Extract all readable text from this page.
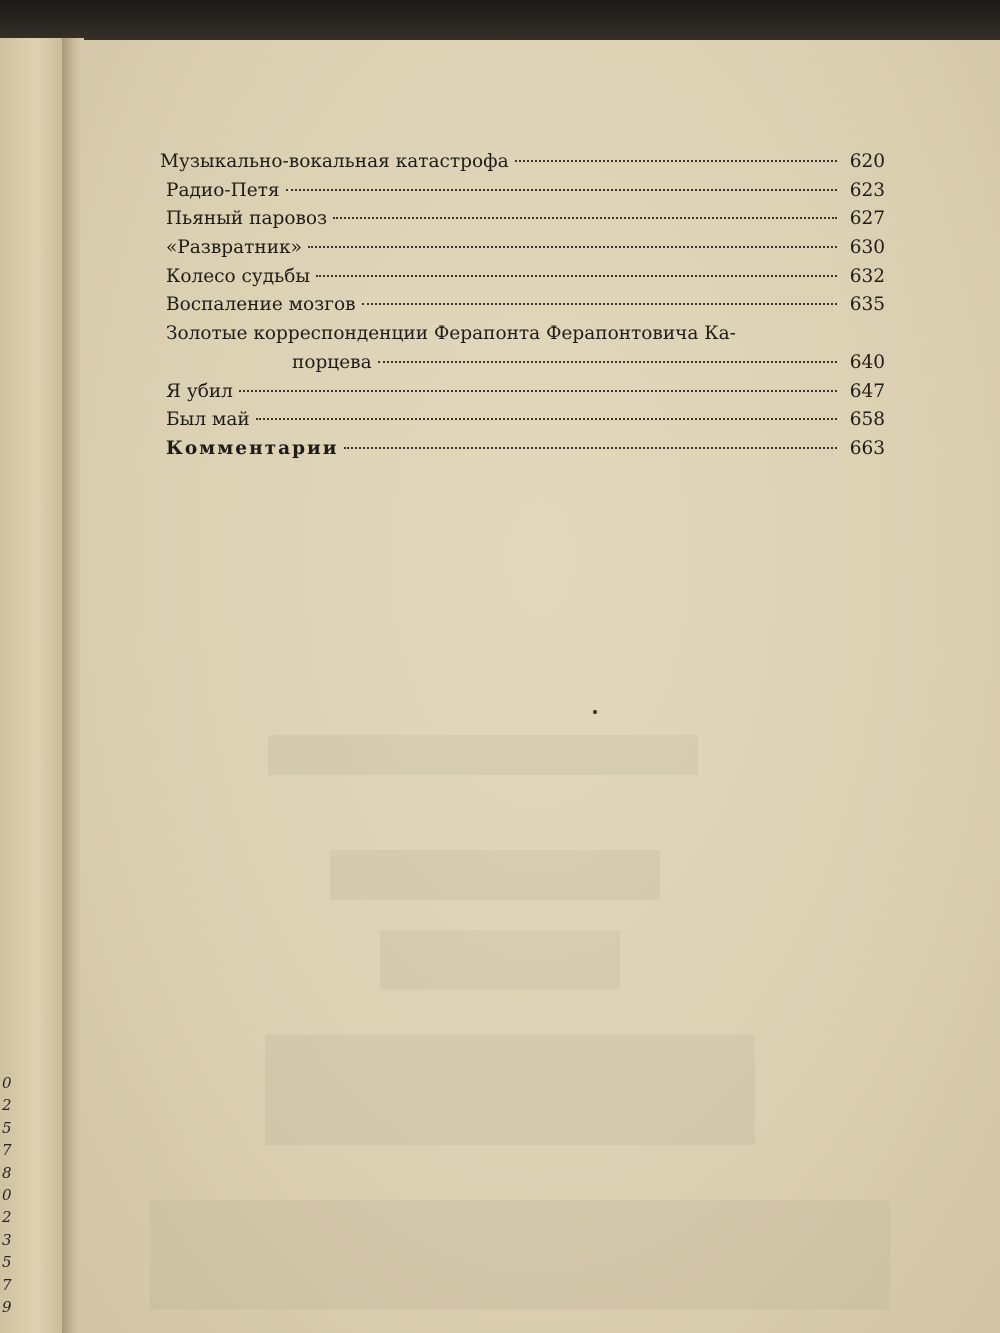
0
2
5
7
8
0
2
3
5
7
9
Музыкально-вокальная катастрофа	620
Радио-Петя	623
Пьяный паровоз	627
«Развратник»	630
Колесо судьбы	632
Воспаление мозгов	635
Золотые корреспонденции Ферапонта Ферапонтовича Ка-
порцева	640
Я убил	647
Был май	658
Комментарии	663
